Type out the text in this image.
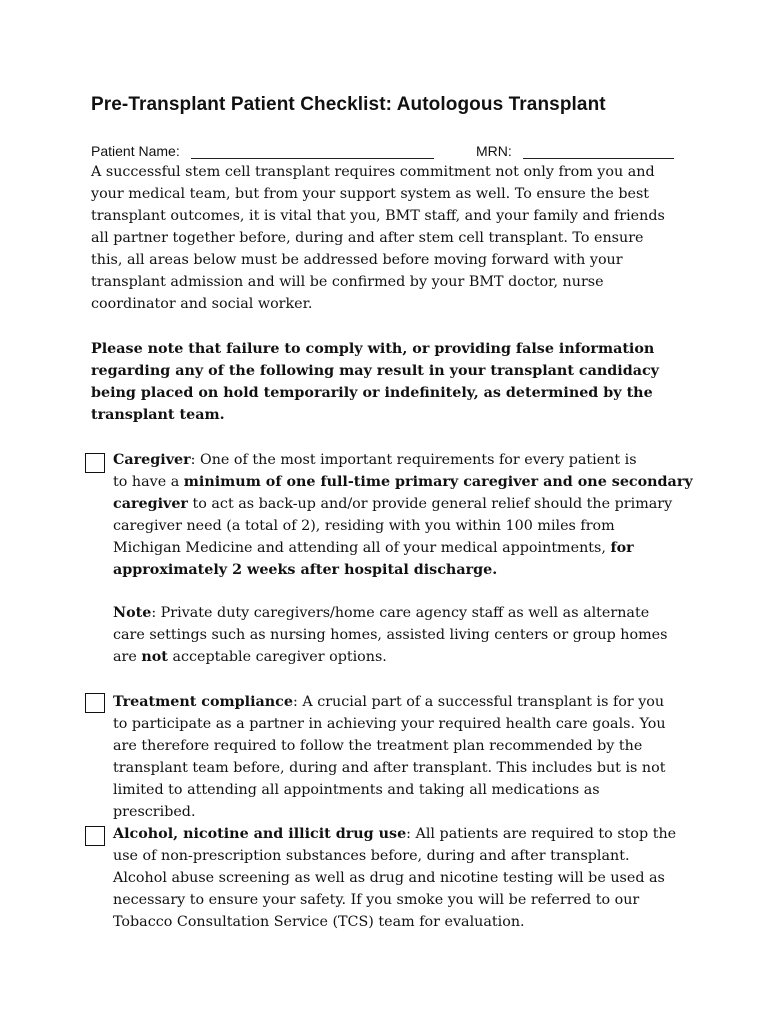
Pre-Transplant Patient Checklist: Autologous Transplant
Patient Name:	MRN:
A successful stem cell transplant requires commitment not only from you and
your medical team, but from your support system as well. To ensure the best
transplant outcomes, it is vital that you, BMT staff, and your family and friends
all partner together before, during and after stem cell transplant. To ensure
this, all areas below must be addressed before moving forward with your
transplant admission and will be confirmed by your BMT doctor, nurse
coordinator and social worker.
Please note that failure to comply with, or providing false information
regarding any of the following may result in your transplant candidacy
being placed on hold temporarily or indefinitely, as determined by the
transplant team.
Caregiver: One of the most important requirements for every patient is
to have a minimum of one full-time primary caregiver and one secondary
caregiver to act as back-up and/or provide general relief should the primary
caregiver need (a total of 2), residing with you within 100 miles from
Michigan Medicine and attending all of your medical appointments, for
approximately 2 weeks after hospital discharge.
Note: Private duty caregivers/home care agency staff as well as alternate
care settings such as nursing homes, assisted living centers or group homes
are not acceptable caregiver options.
Treatment compliance: A crucial part of a successful transplant is for you
to participate as a partner in achieving your required health care goals. You
are therefore required to follow the treatment plan recommended by the
transplant team before, during and after transplant. This includes but is not
limited to attending all appointments and taking all medications as
prescribed.
Alcohol, nicotine and illicit drug use: All patients are required to stop the
use of non-prescription substances before, during and after transplant.
Alcohol abuse screening as well as drug and nicotine testing will be used as
necessary to ensure your safety. If you smoke you will be referred to our
Tobacco Consultation Service (TCS) team for evaluation.
